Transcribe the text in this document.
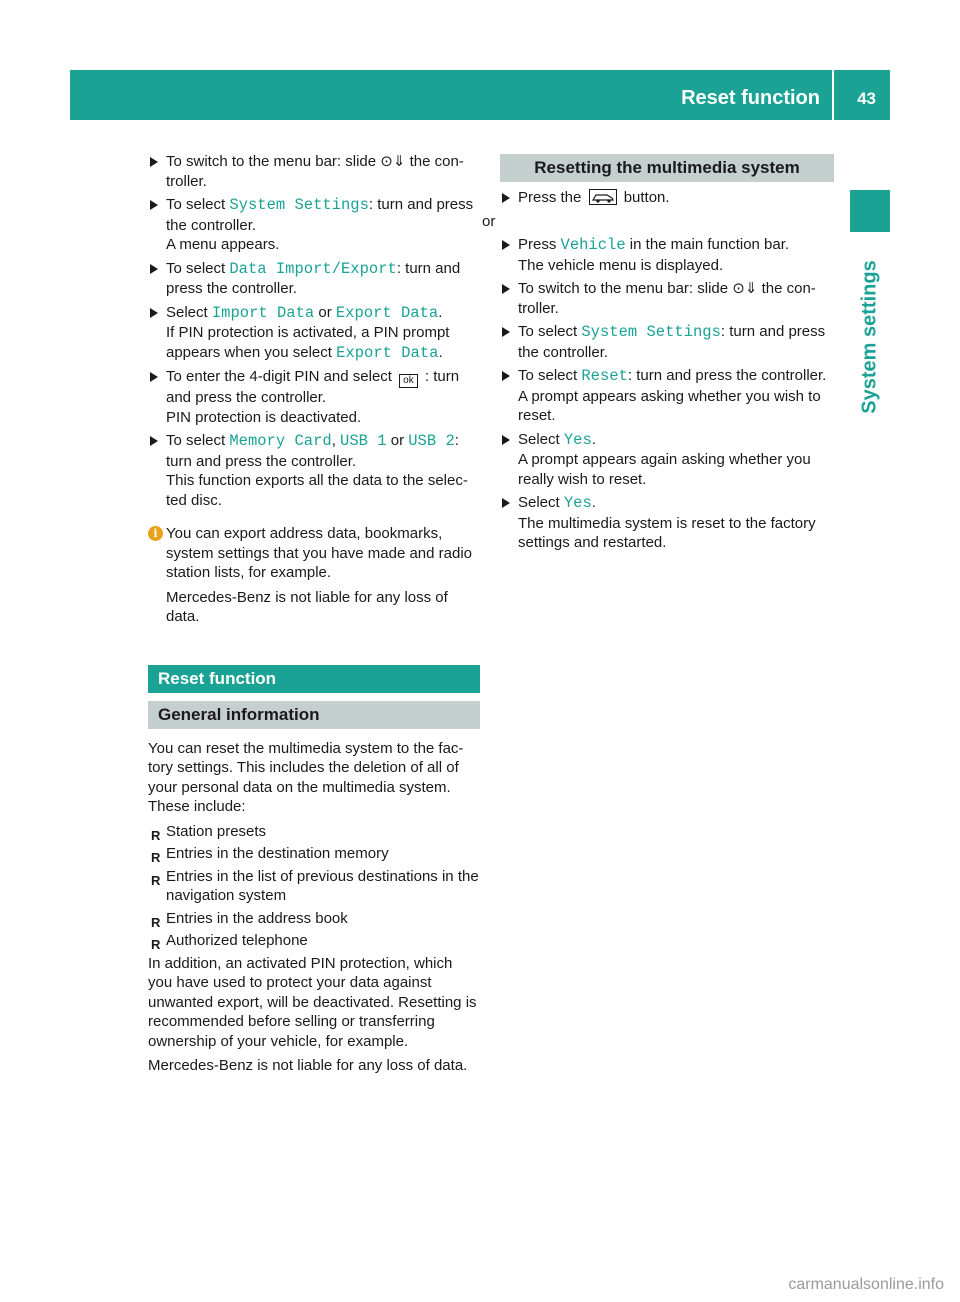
Reset function 43
System settings
To switch to the menu bar: slide ⊙⇓ the con-troller.
To select System Settings: turn and press the controller.
A menu appears.
To select Data Import/Export: turn and press the controller.
Select Import Data or Export Data.
If PIN protection is activated, a PIN prompt appears when you select Export Data.
To enter the 4-digit PIN and select ok : turn and press the controller.
PIN protection is deactivated.
To select Memory Card, USB 1 or USB 2: turn and press the controller.
This function exports all the data to the selec-ted disc.
i You can export address data, bookmarks, system settings that you have made and radio station lists, for example.

Mercedes-Benz is not liable for any loss of data.

Reset function
General information

You can reset the multimedia system to the fac-tory settings. This includes the deletion of all of your personal data on the multimedia system.
These include:

R Station presets
R Entries in the destination memory
R Entries in the list of previous destinations in the navigation system
R Entries in the address book
R Authorized telephone

In addition, an activated PIN protection, which you have used to protect your data against unwanted export, will be deactivated. Resetting is recommended before selling or transferring ownership of your vehicle, for example.

Mercedes-Benz is not liable for any loss of data.

Resetting the multimedia system
Press the  button.

or

Press Vehicle in the main function bar.
The vehicle menu is displayed.
To switch to the menu bar: slide ⊙⇓ the con-troller.
To select System Settings: turn and press the controller.
To select Reset: turn and press the controller.
A prompt appears asking whether you wish to reset.
Select Yes.
A prompt appears again asking whether you really wish to reset.
Select Yes.
The multimedia system is reset to the factory settings and restarted.
carmanualsonline.info
